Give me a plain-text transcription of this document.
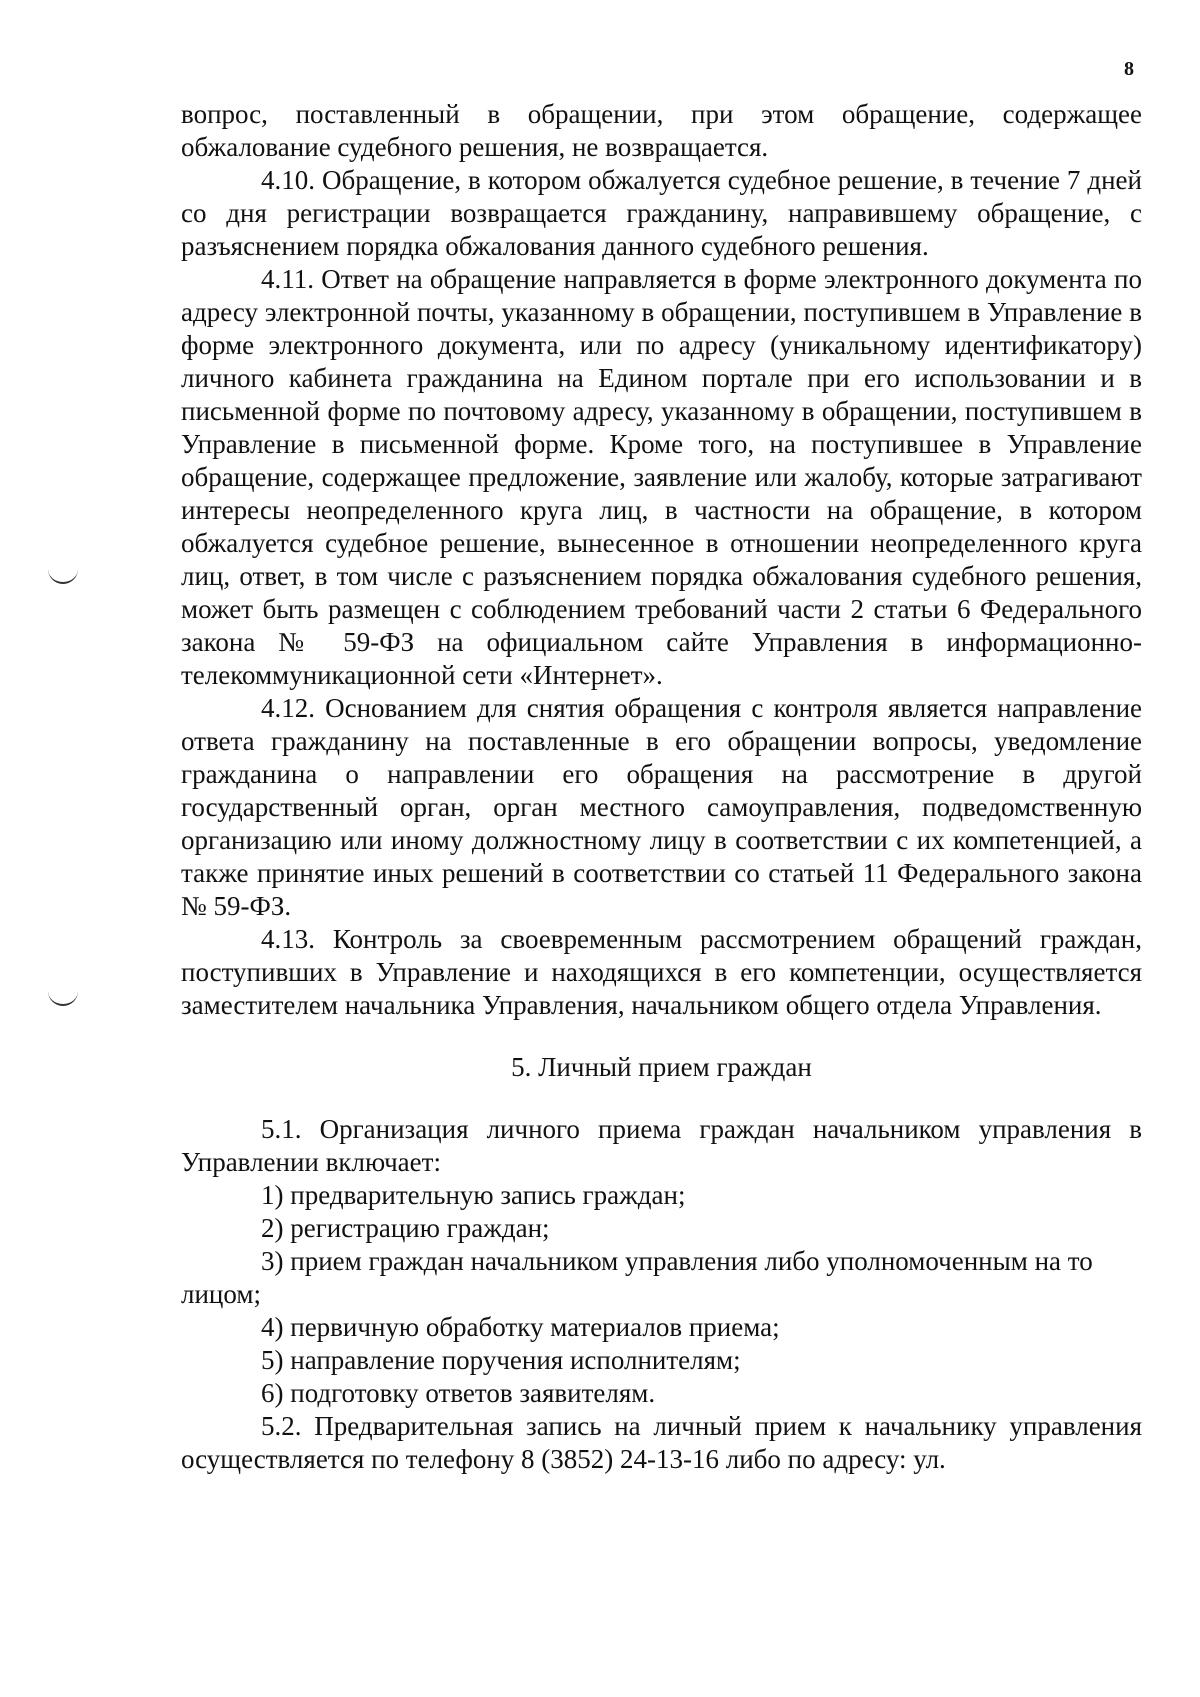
8

вопрос, поставленный в обращении, при этом обращение, содержащее обжалование судебного решения, не возвращается.

4.10. Обращение, в котором обжалуется судебное решение, в течение 7 дней со дня регистрации возвращается гражданину, направившему обращение, с разъяснением порядка обжалования данного судебного решения.

4.11. Ответ на обращение направляется в форме электронного документа по адресу электронной почты, указанному в обращении, поступившем в Управление в форме электронного документа, или по адресу (уникальному идентификатору) личного кабинета гражданина на Едином портале при его использовании и в письменной форме по почтовому адресу, указанному в обращении, поступившем в Управление в письменной форме. Кроме того, на поступившее в Управление обращение, содержащее предложение, заявление или жалобу, которые затрагивают интересы неопределенного круга лиц, в частности на обращение, в котором обжалуется судебное решение, вынесенное в отношении неопределенного круга лиц, ответ, в том числе с разъяснением порядка обжалования судебного решения, может быть размещен с соблюдением требований части 2 статьи 6 Федерального закона № 59-ФЗ на официальном сайте Управления в информационно-телекоммуникационной сети «Интернет».

4.12. Основанием для снятия обращения с контроля является направление ответа гражданину на поставленные в его обращении вопросы, уведомление гражданина о направлении его обращения на рассмотрение в другой государственный орган, орган местного самоуправления, подведомственную организацию или иному должностному лицу в соответствии с их компетенцией, а также принятие иных решений в соответствии со статьей 11 Федерального закона № 59-ФЗ.

4.13. Контроль за своевременным рассмотрением обращений граждан, поступивших в Управление и находящихся в его компетенции, осуществляется заместителем начальника Управления, начальником общего отдела Управления.

5. Личный прием граждан

5.1. Организация личного приема граждан начальником управления в Управлении включает:

1) предварительную запись граждан;

2) регистрацию граждан;

3) прием граждан начальником управления либо уполномоченным на то лицом;

4) первичную обработку материалов приема;

5) направление поручения исполнителям;

6) подготовку ответов заявителям.

5.2. Предварительная запись на личный прием к начальнику управления осуществляется по телефону 8 (3852) 24-13-16 либо по адресу: ул.
